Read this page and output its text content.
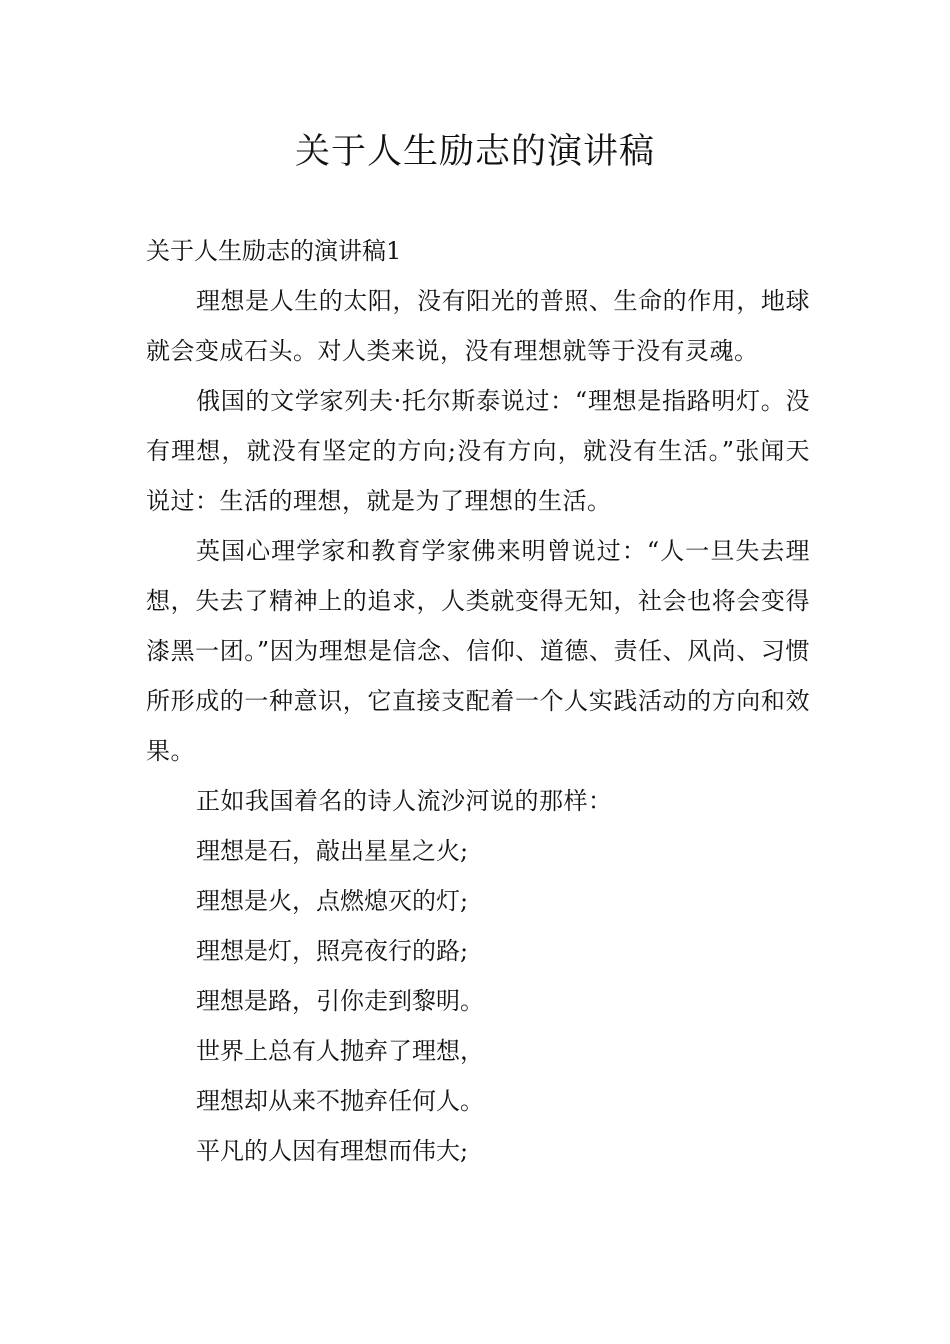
关于人生励志的演讲稿

关于人生励志的演讲稿1

理想是人生的太阳，没有阳光的普照、生命的作用，地球就会变成石头。对人类来说，没有理想就等于没有灵魂。

俄国的文学家列夫·托尔斯泰说过：“理想是指路明灯。没有理想，就没有坚定的方向;没有方向，就没有生活。”张闻天说过：生活的理想，就是为了理想的生活。

英国心理学家和教育学家佛来明曾说过：“人一旦失去理想，失去了精神上的追求，人类就变得无知，社会也将会变得漆黑一团。”因为理想是信念、信仰、道德、责任、风尚、习惯所形成的一种意识，它直接支配着一个人实践活动的方向和效果。

正如我国着名的诗人流沙河说的那样：

理想是石，敲出星星之火;

理想是火，点燃熄灭的灯;

理想是灯，照亮夜行的路;

理想是路，引你走到黎明。

世界上总有人抛弃了理想，

理想却从来不抛弃任何人。

平凡的人因有理想而伟大;
